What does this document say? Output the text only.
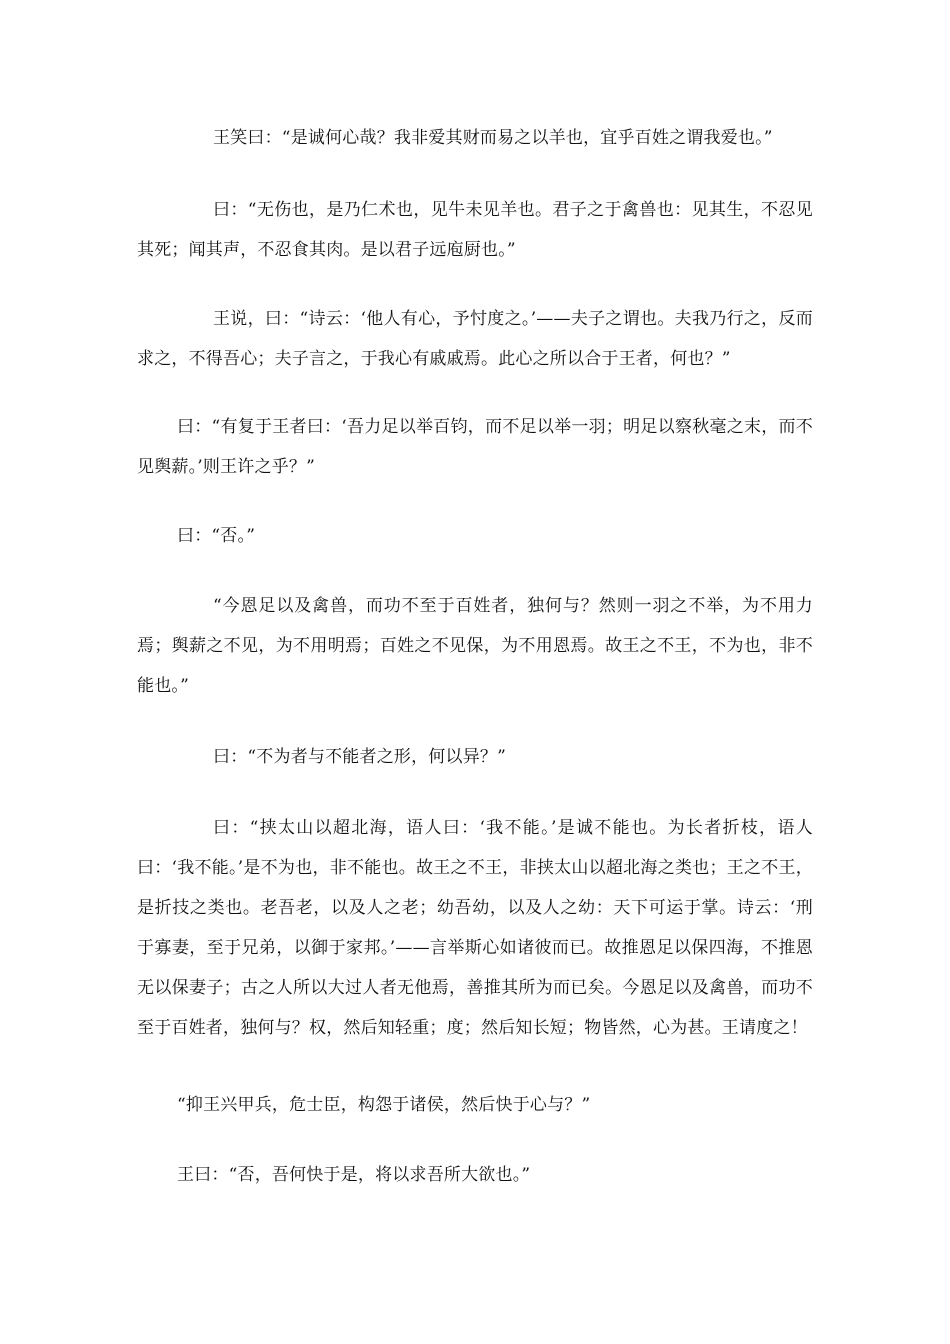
王笑曰：“是诚何心哉？我非爱其财而易之以羊也，宜乎百姓之谓我爱也。”

曰：“无伤也，是乃仁术也，见牛未见羊也。君子之于禽兽也：见其生，不忍见其死；闻其声，不忍食其肉。是以君子远庖厨也。”

王说，曰：“诗云：‘他人有心，予忖度之。’——夫子之谓也。夫我乃行之，反而求之，不得吾心；夫子言之，于我心有戚戚焉。此心之所以合于王者，何也？”

曰：“有复于王者曰：‘吾力足以举百钧，而不足以举一羽；明足以察秋毫之末，而不见舆薪。’则王许之乎？”

曰：“否。”

“今恩足以及禽兽，而功不至于百姓者，独何与？然则一羽之不举，为不用力焉；舆薪之不见，为不用明焉；百姓之不见保，为不用恩焉。故王之不王，不为也，非不能也。”

曰：“不为者与不能者之形，何以异？”

曰：“挟太山以超北海，语人曰：‘我不能。’是诚不能也。为长者折枝，语人曰：‘我不能。’是不为也，非不能也。故王之不王，非挟太山以超北海之类也；王之不王，是折技之类也。老吾老，以及人之老；幼吾幼，以及人之幼：天下可运于掌。诗云：‘刑于寡妻，至于兄弟，以御于家邦。’——言举斯心如诸彼而已。故推恩足以保四海，不推恩无以保妻子；古之人所以大过人者无他焉，善推其所为而已矣。今恩足以及禽兽，而功不至于百姓者，独何与？权，然后知轻重；度；然后知长短；物皆然，心为甚。王请度之！

“抑王兴甲兵，危士臣，构怨于诸侯，然后快于心与？”

王曰：“否，吾何快于是，将以求吾所大欲也。”
